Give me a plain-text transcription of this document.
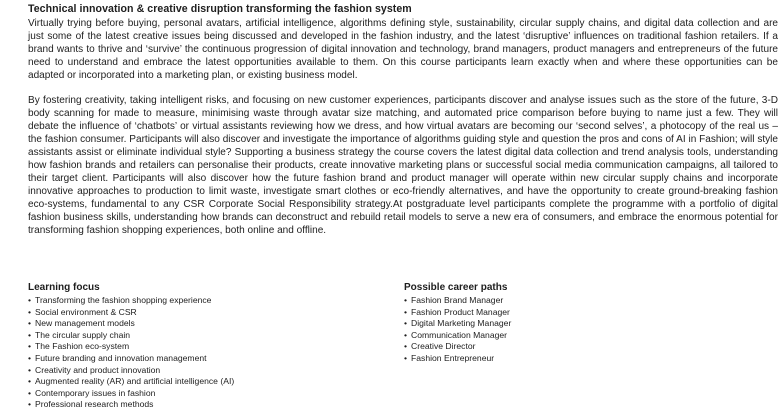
Technical innovation & creative disruption transforming the fashion system

Virtually trying before buying, personal avatars, artificial intelligence, algorithms defining style, sustainability, circular supply chains, and digital data collection and are just some of the latest creative issues being discussed and developed in the fashion industry, and the latest ‘disruptive’ influences on traditional fashion retailers. If a brand wants to thrive and ‘survive’ the continuous progression of digital innovation and technology, brand managers, product managers and entrepreneurs of the future need to understand and embrace the latest opportunities available to them. On this course participants learn exactly when and where these opportunities can be adapted or incorporated into a marketing plan, or existing business model.

By fostering creativity, taking intelligent risks, and focusing on new customer experiences, participants discover and analyse issues such as the store of the future, 3-D body scanning for made to measure, minimising waste through avatar size matching, and automated price comparison before buying to name just a few. They will debate the influence of ‘chatbots’ or virtual assistants reviewing how we dress, and how virtual avatars are becoming our ‘second selves’, a photocopy of the real us – the fashion consumer. Participants will also discover and investigate the importance of algorithms guiding style and question the pros and cons of AI in Fashion; will style assistants assist or eliminate individual style? Supporting a business strategy the course covers the latest digital data collection and trend analysis tools, understanding how fashion brands and retailers can personalise their products, create innovative marketing plans or successful social media communication campaigns, all tailored to their target client. Participants will also discover how the future fashion brand and product manager will operate within new circular supply chains and incorporate innovative approaches to production to limit waste, investigate smart clothes or eco-friendly alternatives, and have the opportunity to create ground-breaking fashion eco-systems, fundamental to any CSR Corporate Social Responsibility strategy.At postgraduate level participants complete the programme with a portfolio of digital fashion business skills, understanding how brands can deconstruct and rebuild retail models to serve a new era of consumers, and embrace the enormous potential for transforming fashion shopping experiences, both online and offline.

Learning focus
• Transforming the fashion shopping experience
• Social environment & CSR
• New management models
• The circular supply chain
• The Fashion eco-system
• Future branding and innovation management
• Creativity and product innovation
• Augmented reality (AR) and artificial intelligence (AI)
• Contemporary issues in fashion
• Professional research methods
Possible career paths
• Fashion Brand Manager
• Fashion Product Manager
• Digital Marketing Manager
• Communication Manager
• Creative Director
• Fashion Entrepreneur
